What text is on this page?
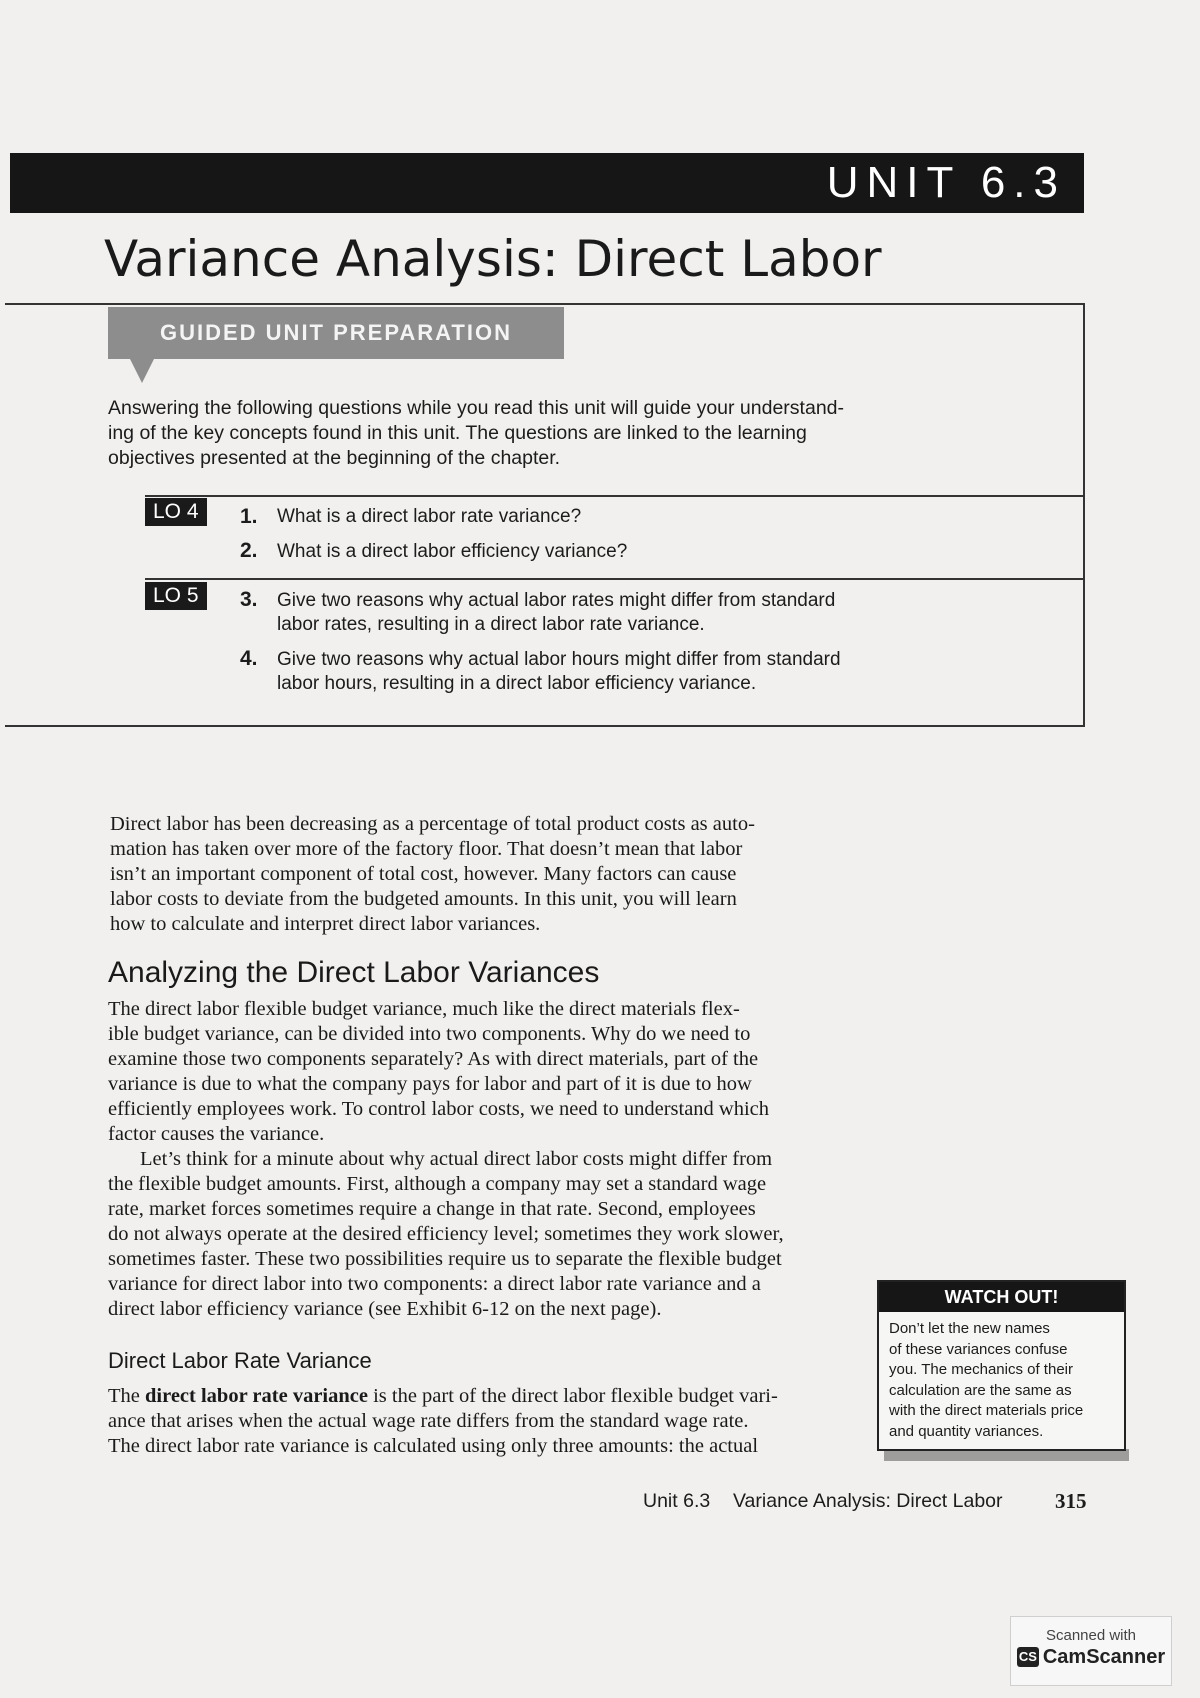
UNIT 6.3
Variance Analysis: Direct Labor
GUIDED UNIT PREPARATION
Answering the following questions while you read this unit will guide your understand-
ing of the key concepts found in this unit. The questions are linked to the learning
objectives presented at the beginning of the chapter.
LO 4	1. What is a direct labor rate variance?
2. What is a direct labor efficiency variance?
LO 5	3. Give two reasons why actual labor rates might differ from standard
labor rates, resulting in a direct labor rate variance.
4. Give two reasons why actual labor hours might differ from standard
labor hours, resulting in a direct labor efficiency variance.
Direct labor has been decreasing as a percentage of total product costs as auto-
mation has taken over more of the factory floor. That doesn’t mean that labor
isn’t an important component of total cost, however. Many factors can cause
labor costs to deviate from the budgeted amounts. In this unit, you will learn
how to calculate and interpret direct labor variances.
Analyzing the Direct Labor Variances
The direct labor flexible budget variance, much like the direct materials flex-
ible budget variance, can be divided into two components. Why do we need to
examine those two components separately? As with direct materials, part of the
variance is due to what the company pays for labor and part of it is due to how
efficiently employees work. To control labor costs, we need to understand which
factor causes the variance.
Let’s think for a minute about why actual direct labor costs might differ from
the flexible budget amounts. First, although a company may set a standard wage
rate, market forces sometimes require a change in that rate. Second, employees
do not always operate at the desired efficiency level; sometimes they work slower,
sometimes faster. These two possibilities require us to separate the flexible budget
variance for direct labor into two components: a direct labor rate variance and a
direct labor efficiency variance (see Exhibit 6-12 on the next page).
Direct Labor Rate Variance
The direct labor rate variance is the part of the direct labor flexible budget vari-
ance that arises when the actual wage rate differs from the standard wage rate.
The direct labor rate variance is calculated using only three amounts: the actual
WATCH OUT!
Don’t let the new names
of these variances confuse
you. The mechanics of their
calculation are the same as
with the direct materials price
and quantity variances.
Unit 6.3 Variance Analysis: Direct Labor 315
Scanned with
CS CamScanner
